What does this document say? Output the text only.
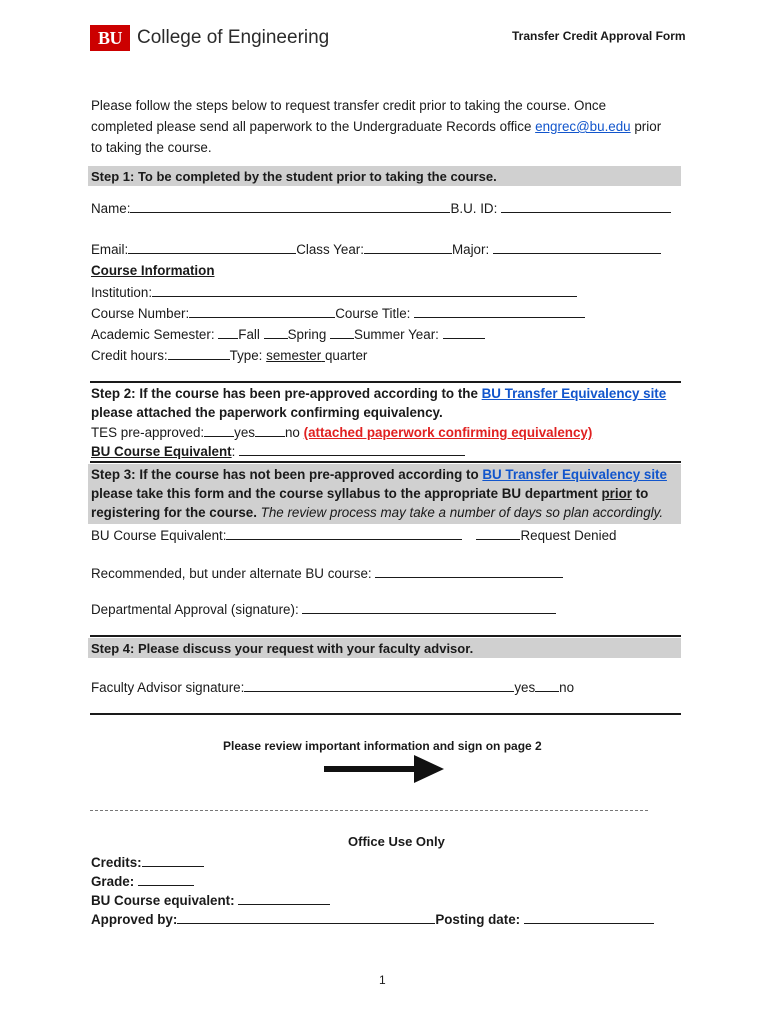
BU College of Engineering	Transfer Credit Approval Form
Please follow the steps below to request transfer credit prior to taking the course. Once completed please send all paperwork to the Undergraduate Records office engrec@bu.edu prior to taking the course.
Step 1: To be completed by the student prior to taking the course.
Name:	B.U. ID:
Email:	Class Year:	Major:
Course Information
Institution:
Course Number:	Course Title:
Academic Semester: Fall Spring Summer Year:
Credit hours:	Type: semester quarter
Step 2: If the course has been pre-approved according to the BU Transfer Equivalency site
please attached the paperwork confirming equivalency.
TES pre-approved: yes no (attached paperwork confirming equivalency)
BU Course Equivalent:
Step 3: If the course has not been pre-approved according to BU Transfer Equivalency site
please take this form and the course syllabus to the appropriate BU department prior to
registering for the course. The review process may take a number of days so plan accordingly.
BU Course Equivalent:	Request Denied
Recommended, but under alternate BU course:
Departmental Approval (signature):
Step 4: Please discuss your request with your faculty advisor.
Faculty Advisor signature:	yes no
Please review important information and sign on page 2
Office Use Only
Credits:
Grade:
BU Course equivalent:
Approved by:	Posting date:
1
